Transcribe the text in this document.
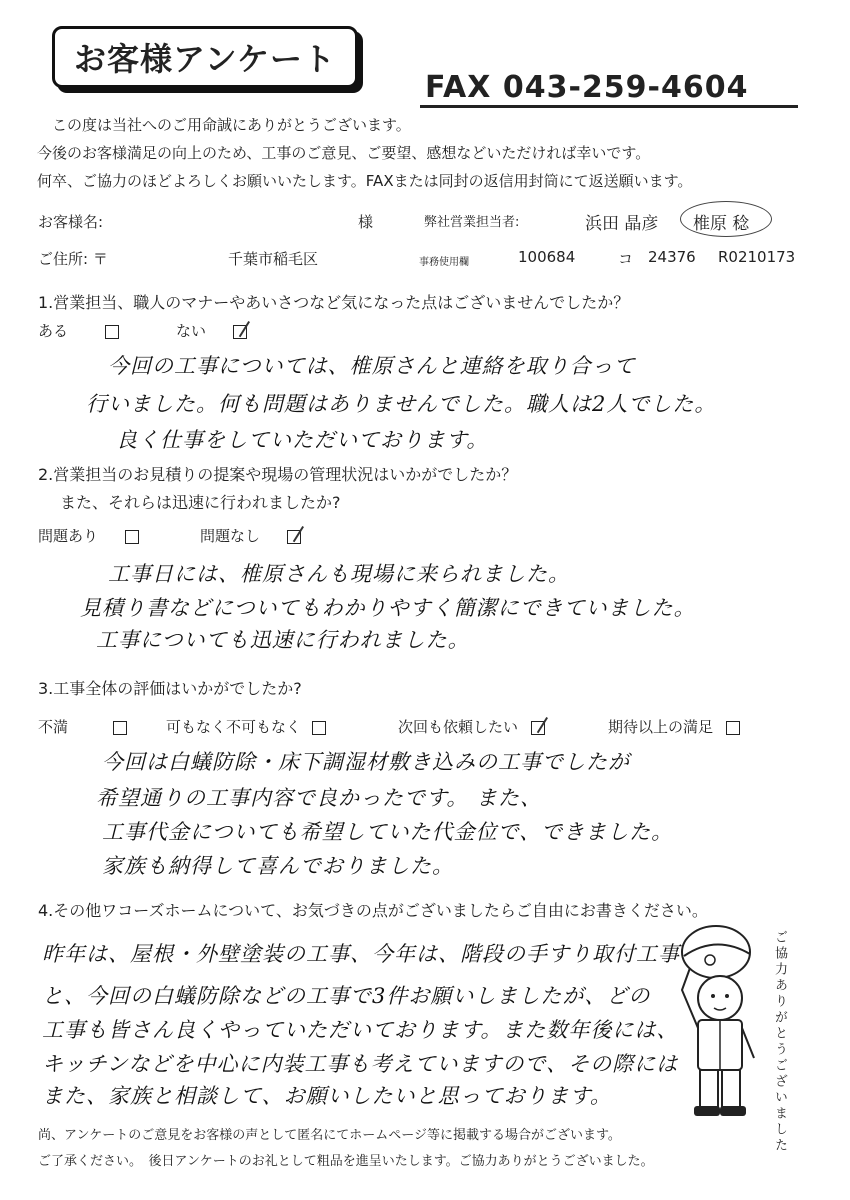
お客様アンケート
FAX 043-259-4604
この度は当社へのご用命誠にありがとうございます。
今後のお客様満足の向上のため、工事のご意見、ご要望、感想などいただければ幸いです。
何卒、ご協力のほどよろしくお願いいたします。FAXまたは同封の返信用封筒にて返送願います。
お客様名:	様	弊社営業担当者:	浜田 晶彦 椎原 稔
ご住所: 〒	千葉市稲毛区	事務使用欄	100684	コ 24376 R0210173
1.営業担当、職人のマナーやあいさつなど気になった点はございませんでしたか？
ある	ない
今回の工事については、椎原さんと連絡を取り合って
行いました。何も問題はありませんでした。職人は2人でした。
良く仕事をしていただいております。
2.営業担当のお見積りの提案や現場の管理状況はいかがでしたか？
また、それらは迅速に行われましたか?
問題あり	問題なし
工事日には、椎原さんも現場に来られました。
見積り書などについてもわかりやすく簡潔にできていました。
工事についても迅速に行われました。
3.工事全体の評価はいかがでしたか?
不満	可もなく不可もなく	次回も依頼したい	期待以上の満足
今回は白蟻防除・床下調湿材敷き込みの工事でしたが
希望通りの工事内容で良かったです。 また、
工事代金についても希望していた代金位で、できました。
家族も納得して喜んでおりました。
4.その他ワコーズホームについて、お気づきの点がございましたらご自由にお書きください。
昨年は、屋根・外壁塗装の工事、今年は、階段の手すり取付工事
と、今回の白蟻防除などの工事で3件お願いしましたが、どの
工事も皆さん良くやっていただいております。また数年後には、
キッチンなどを中心に内装工事も考えていますので、その際には
また、家族と相談して、お願いしたいと思っております。	ご協力ありがとうございました
尚、アンケートのご意見をお客様の声として匿名にてホームページ等に掲載する場合がございます。
ご了承ください。　後日アンケートのお礼として粗品を進呈いたします。ご協力ありがとうございました。
